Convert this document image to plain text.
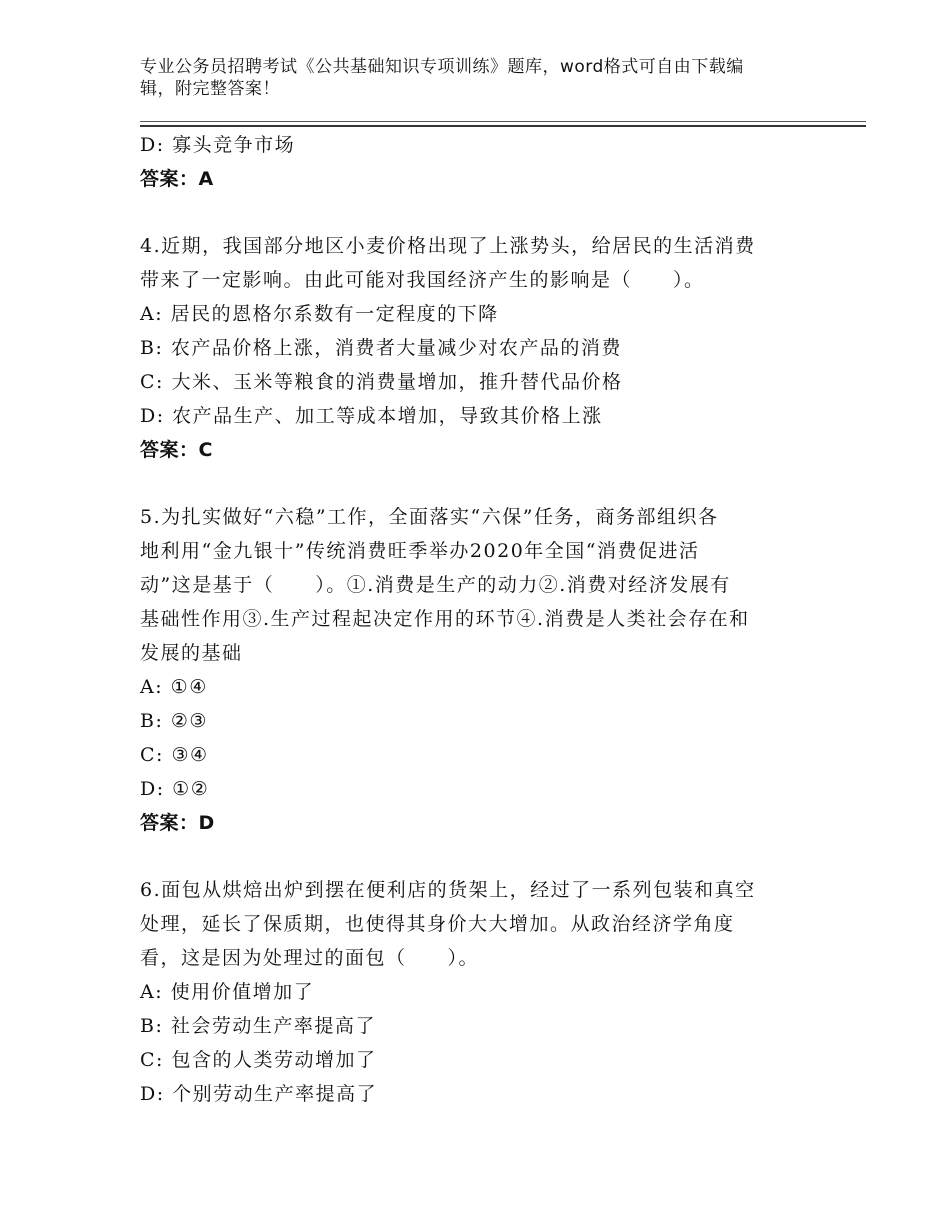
专业公务员招聘考试《公共基础知识专项训练》题库，word格式可自由下载编
辑，附完整答案！
D: 寡头竞争市场
答案：A
4.近期，我国部分地区小麦价格出现了上涨势头，给居民的生活消费
带来了一定影响。由此可能对我国经济产生的影响是（　　）。
A: 居民的恩格尔系数有一定程度的下降
B: 农产品价格上涨，消费者大量减少对农产品的消费
C: 大米、玉米等粮食的消费量增加，推升替代品价格
D: 农产品生产、加工等成本增加，导致其价格上涨
答案：C
5.为扎实做好“六稳”工作，全面落实“六保”任务，商务部组织各
地利用“金九银十”传统消费旺季举办2020年全国“消费促进活
动”这是基于（　　）。①.消费是生产的动力②.消费对经济发展有
基础性作用③.生产过程起决定作用的环节④.消费是人类社会存在和
发展的基础
A: ①④
B: ②③
C: ③④
D: ①②
答案：D
6.面包从烘焙出炉到摆在便利店的货架上，经过了一系列包装和真空
处理，延长了保质期，也使得其身价大大增加。从政治经济学角度
看，这是因为处理过的面包（　　）。
A: 使用价值增加了
B: 社会劳动生产率提高了
C: 包含的人类劳动增加了
D: 个别劳动生产率提高了
